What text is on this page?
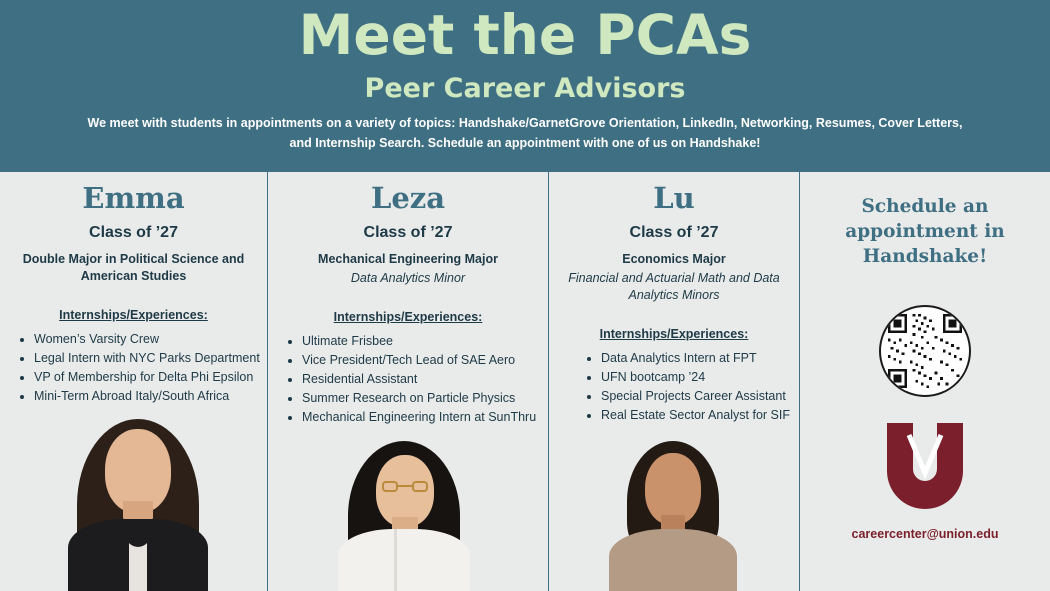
Meet the PCAs
Peer Career Advisors
We meet with students in appointments on a variety of topics: Handshake/GarnetGrove Orientation, LinkedIn, Networking, Resumes, Cover Letters, and Internship Search. Schedule an appointment with one of us on Handshake!
Emma
Class of ’27
Double Major in Political Science and American Studies
Internships/Experiences:
• Women’s Varsity Crew
• Legal Intern with NYC Parks Department
• VP of Membership for Delta Phi Epsilon
• Mini-Term Abroad Italy/South Africa
Leza
Class of ’27
Mechanical Engineering Major
Data Analytics Minor
Internships/Experiences:
• Ultimate Frisbee
• Vice President/Tech Lead of SAE Aero
• Residential Assistant
• Summer Research on Particle Physics
• Mechanical Engineering Intern at SunThru
Lu
Class of ’27
Economics Major
Financial and Actuarial Math and Data Analytics Minors
Internships/Experiences:
• Data Analytics Intern at FPT
• UFN bootcamp ’24
• Special Projects Career Assistant
• Real Estate Sector Analyst for SIF
Schedule an appointment in Handshake!
careercenter@union.edu
